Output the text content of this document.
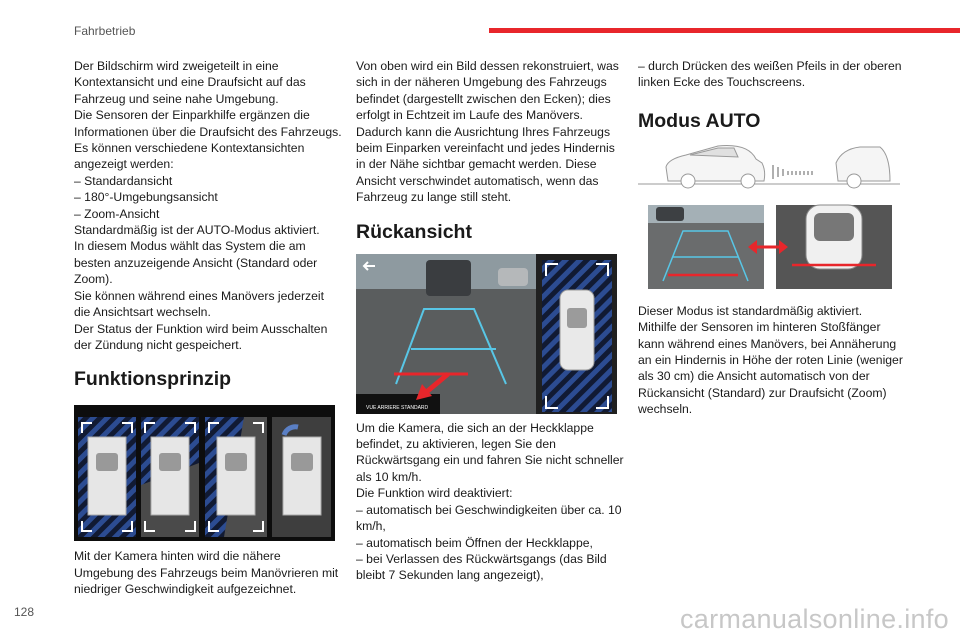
Fahrbetrieb

Der Bildschirm wird zweigeteilt in eine Kontextansicht und eine Draufsicht auf das Fahrzeug und seine nahe Umgebung.
Die Sensoren der Einparkhilfe ergänzen die Informationen über die Draufsicht des Fahrzeugs.
Es können verschiedene Kontextansichten angezeigt werden:
– Standardansicht
– 180°-Umgebungsansicht
– Zoom-Ansicht
Standardmäßig ist der AUTO-Modus aktiviert.
In diesem Modus wählt das System die am besten anzuzeigende Ansicht (Standard oder Zoom).
Sie können während eines Manövers jederzeit die Ansichtsart wechseln.
Der Status der Funktion wird beim Ausschalten der Zündung nicht gespeichert.

Funktionsprinzip

Mit der Kamera hinten wird die nähere Umgebung des Fahrzeugs beim Manövrieren mit niedriger Geschwindigkeit aufgezeichnet.

Von oben wird ein Bild dessen rekonstruiert, was sich in der näheren Umgebung des Fahrzeugs befindet (dargestellt zwischen den Ecken); dies erfolgt in Echtzeit im Laufe des Manövers.
Dadurch kann die Ausrichtung Ihres Fahrzeugs beim Einparken vereinfacht und jedes Hindernis in der Nähe sichtbar gemacht werden. Diese Ansicht verschwindet automatisch, wenn das Fahrzeug zu lange still steht.

Rückansicht
VUE ARRIERE STANDARD

Um die Kamera, die sich an der Heckklappe befindet, zu aktivieren, legen Sie den Rückwärtsgang ein und fahren Sie nicht schneller als 10 km/h.
Die Funktion wird deaktiviert:
– automatisch bei Geschwindigkeiten über ca. 10 km/h,
– automatisch beim Öffnen der Heckklappe,
– bei Verlassen des Rückwärtsgangs (das Bild bleibt 7 Sekunden lang angezeigt),

– durch Drücken des weißen Pfeils in der oberen linken Ecke des Touchscreens.

Modus AUTO

Dieser Modus ist standardmäßig aktiviert.
Mithilfe der Sensoren im hinteren Stoßfänger kann während eines Manövers, bei Annäherung an ein Hindernis in Höhe der roten Linie (weniger als 30 cm) die Ansicht automatisch von der Rückansicht (Standard) zur Draufsicht (Zoom) wechseln.

128	carmanualsonline.info
